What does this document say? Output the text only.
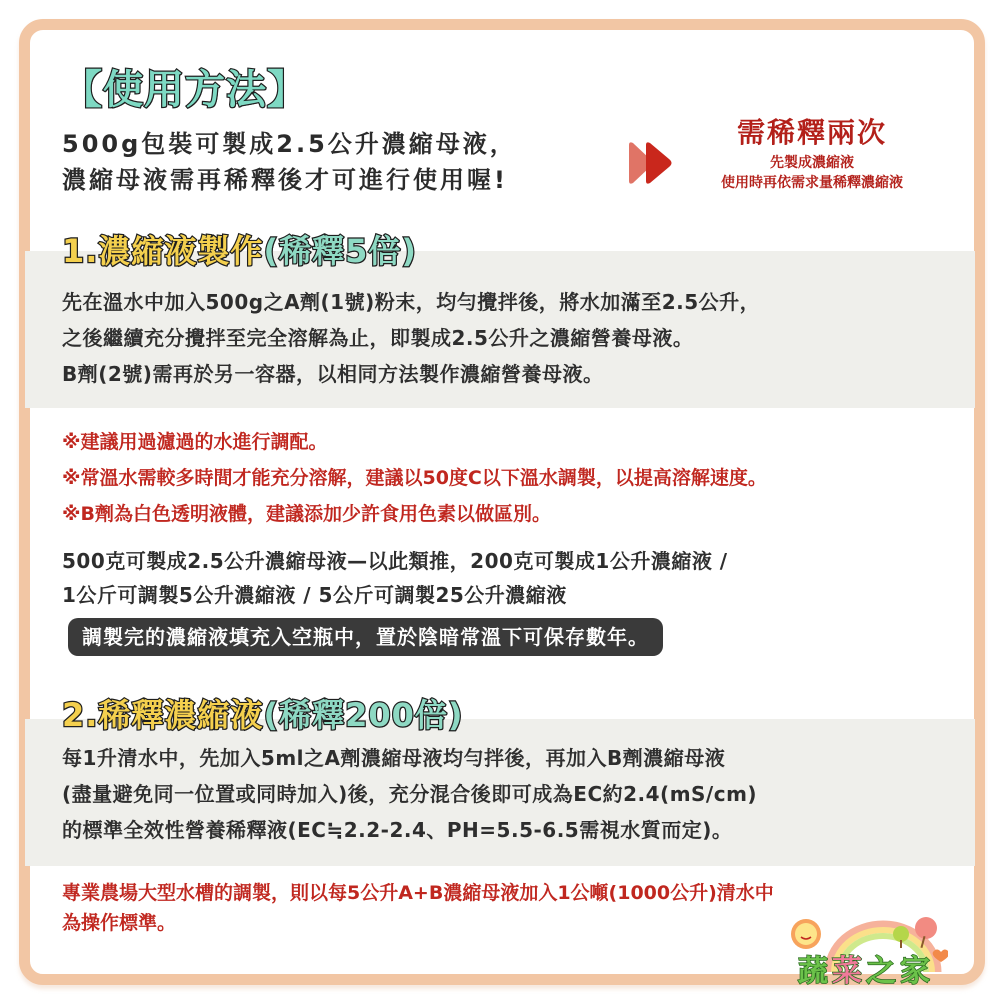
【使用方法】
500g包裝可製成2.5公升濃縮母液，
濃縮母液需再稀釋後才可進行使用喔!
需稀釋兩次
先製成濃縮液
使用時再依需求量稀釋濃縮液
1.濃縮液製作(稀釋5倍)
先在溫水中加入500g之A劑(1號)粉末，均勻攪拌後，將水加滿至2.5公升，
之後繼續充分攪拌至完全溶解為止，即製成2.5公升之濃縮營養母液。
B劑(2號)需再於另一容器，以相同方法製作濃縮營養母液。
※建議用過濾過的水進行調配。
※常溫水需較多時間才能充分溶解，建議以50度C以下溫水調製，以提高溶解速度。
※B劑為白色透明液體，建議添加少許食用色素以做區別。
500克可製成2.5公升濃縮母液—以此類推，200克可製成1公升濃縮液 /
1公斤可調製5公升濃縮液 / 5公斤可調製25公升濃縮液
調製完的濃縮液填充入空瓶中，置於陰暗常溫下可保存數年。
2.稀釋濃縮液(稀釋200倍)
每1升清水中，先加入5ml之A劑濃縮母液均勻拌後，再加入B劑濃縮母液
(盡量避免同一位置或同時加入)後，充分混合後即可成為EC約2.4(mS/cm)
的標準全效性營養稀釋液(EC≒2.2-2.4、PH=5.5-6.5需視水質而定)。
專業農場大型水槽的調製，則以每5公升A+B濃縮母液加入1公噸(1000公升)清水中
為操作標準。
蔬菜之家
